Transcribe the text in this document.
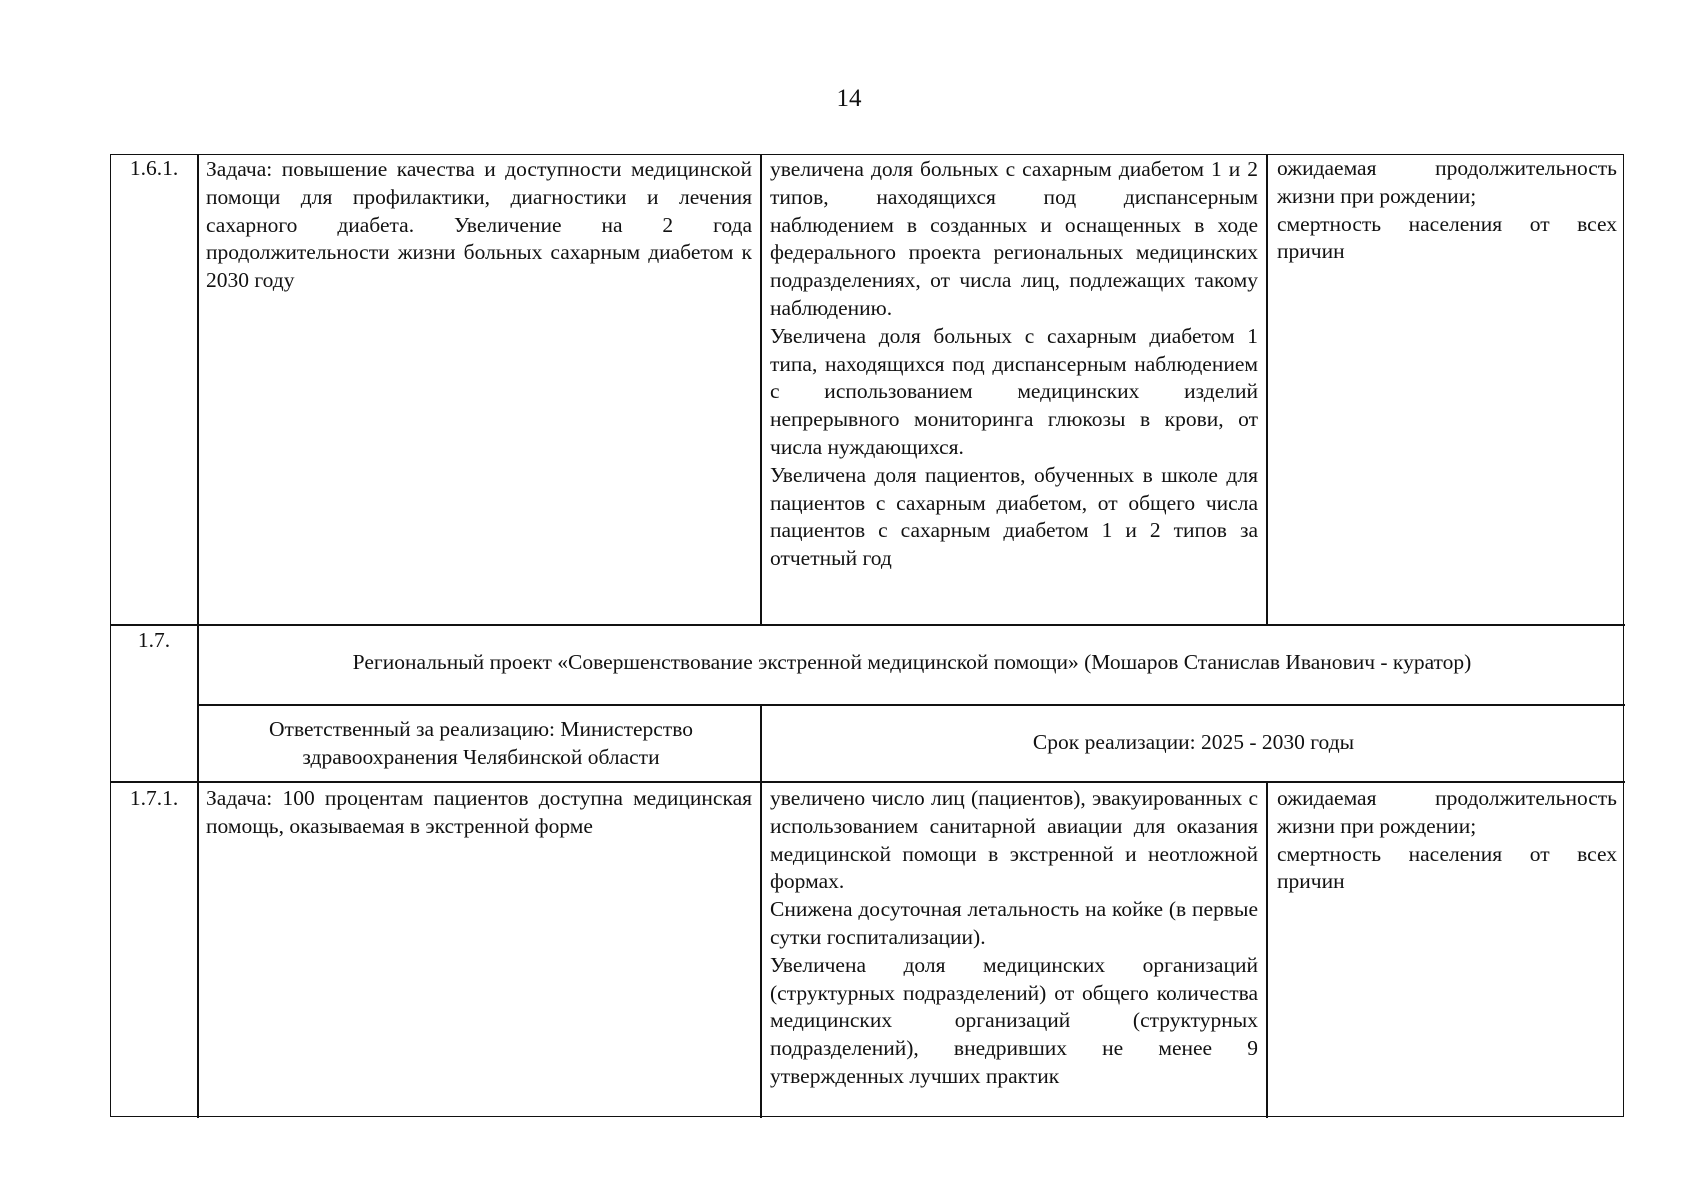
14
1.6.1.	Задача: повышение качества и доступности медицинской помощи для профилактики, диагностики и лечения сахарного диабета. Увеличение на 2 года продолжительности жизни больных сахарным диабетом к 2030 году
увеличена доля больных с сахарным диабетом 1 и 2 типов, находящихся под диспансерным наблюдением в созданных и оснащенных в ходе федерального проекта региональных медицинских подразделениях, от числа лиц, подлежащих такому наблюдению.
Увеличена доля больных с сахарным диабетом 1 типа, находящихся под диспансерным наблюдением с использованием медицинских изделий непрерывного мониторинга глюкозы в крови, от числа нуждающихся.
Увеличена доля пациентов, обученных в школе для пациентов с сахарным диабетом, от общего числа пациентов с сахарным диабетом 1 и 2 типов за отчетный год
ожидаемая продолжительность жизни при рождении;
смертность населения от всех причин
1.7.
Региональный проект «Совершенствование экстренной медицинской помощи» (Мошаров Станислав Иванович - куратор)
Ответственный за реализацию: Министерство здравоохранения Челябинской области
Срок реализации: 2025 - 2030 годы
1.7.1.	Задача: 100 процентам пациентов доступна медицинская помощь, оказываемая в экстренной форме
увеличено число лиц (пациентов), эвакуированных с использованием санитарной авиации для оказания медицинской помощи в экстренной и неотложной формах.
Снижена досуточная летальность на койке (в первые сутки госпитализации).
Увеличена доля медицинских организаций (структурных подразделений) от общего количества медицинских организаций (структурных подразделений), внедривших не менее 9 утвержденных лучших практик
ожидаемая продолжительность жизни при рождении;
смертность населения от всех причин
